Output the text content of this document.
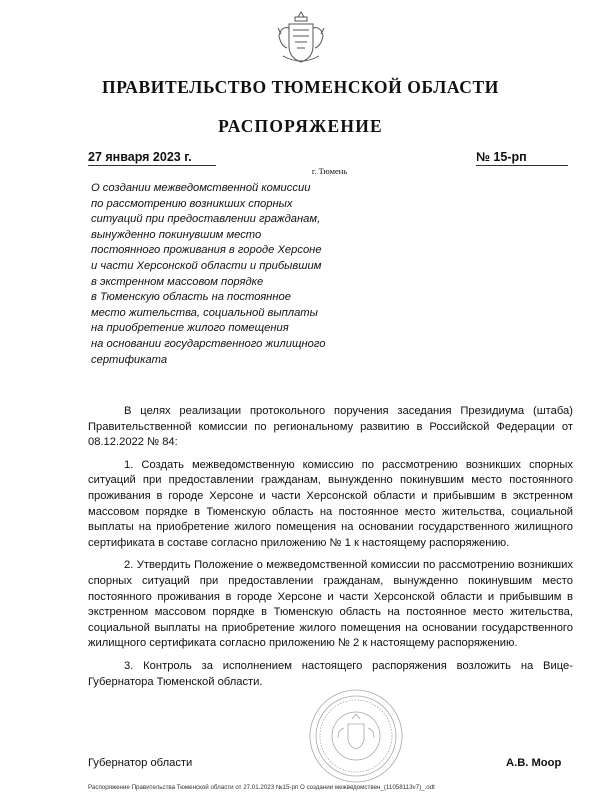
ПРАВИТЕЛЬСТВО ТЮМЕНСКОЙ ОБЛАСТИ
РАСПОРЯЖЕНИЕ
27 января 2023 г.	№ 15-рп
г. Тюмень
О создании межведомственной комиссии
по рассмотрению возникших спорных
ситуаций при предоставлении гражданам,
вынужденно покинувшим место
постоянного проживания в городе Херсоне
и части Херсонской области и прибывшим
в экстренном массовом порядке
в Тюменскую область на постоянное
место жительства, социальной выплаты
на приобретение жилого помещения
на основании государственного жилищного
сертификата

В целях реализации протокольного поручения заседания Президиума (штаба) Правительственной комиссии по региональному развитию в Российской Федерации от 08.12.2022 № 84:

1. Создать межведомственную комиссию по рассмотрению возникших спорных ситуаций при предоставлении гражданам, вынужденно покинувшим место постоянного проживания в городе Херсоне и части Херсонской области и прибывшим в экстренном массовом порядке в Тюменскую область на постоянное место жительства, социальной выплаты на приобретение жилого помещения на основании государственного жилищного сертификата в составе согласно приложению № 1 к настоящему распоряжению.

2. Утвердить Положение о межведомственной комиссии по рассмотрению возникших спорных ситуаций при предоставлении гражданам, вынужденно покинувшим место постоянного проживания в городе Херсоне и части Херсонской области и прибывшим в экстренном массовом порядке в Тюменскую область на постоянное место жительства, социальной выплаты на приобретение жилого помещения на основании государственного жилищного сертификата согласно приложению № 2 к настоящему распоряжению.

3. Контроль за исполнением настоящего распоряжения возложить на Вице-Губернатора Тюменской области.

Губернатор области	А.В. Моор
Распоряжение Правительства Тюменской области от 27.01.2023 №15-рп О создании межведомствен_(11058113v7)_.odt
